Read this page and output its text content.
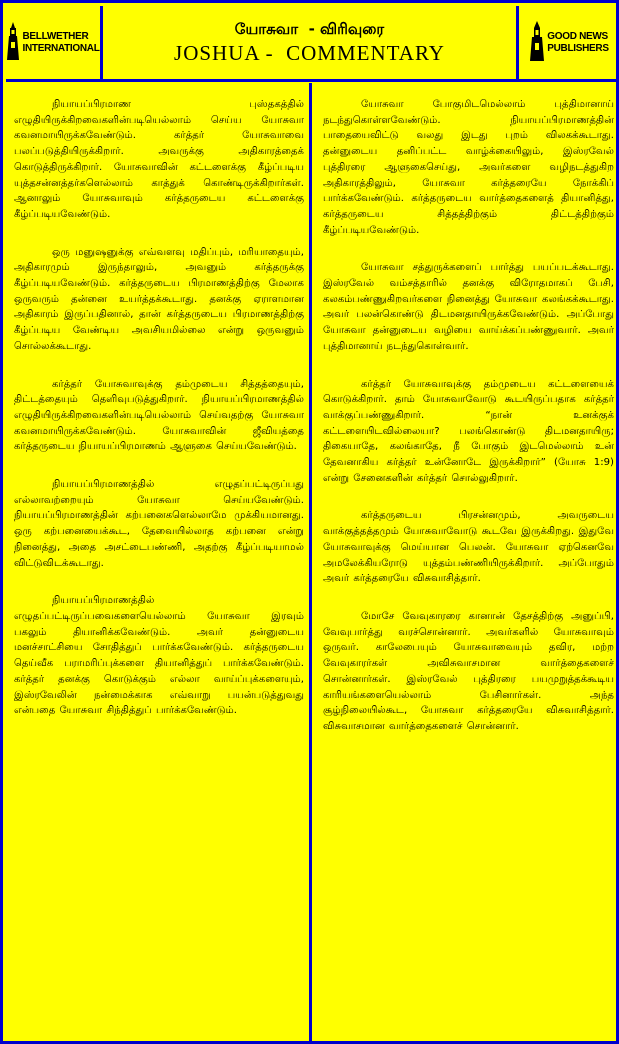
BELLWETHER
INTERNATIONAL
யோசுவா  - விரிவுரை
JOSHUA -  COMMENTARY
GOOD NEWS
PUBLISHERS

நியாயப்பிரமாண புஸ்தகத்தில் எழுதியிருக்கிறவைகளின்படியெல்லாம் செய்ய யோசுவா கவனமாயிருக்கவேண்டும். கர்த்தர் யோசுவாவை பலப்படுத்தியிருக்கிறார். அவருக்கு அதிகாரத்தைக் கொடுத்திருக்கிறார். யோசுவாவின் கட்டளைக்கு கீழ்ப்படிய யுத்தசன்னத்தர்களெல்லாம் காத்துக் கொண்டிருக்கிறார்கள். ஆனாலும் யோசுவாவும் கர்த்தருடைய கட்டளைக்கு கீழ்ப்படியவேண்டும்.

ஒரு மனுஷனுக்கு எவ்வளவு மதிப்பும், மரியாதையும், அதிகாரமும் இருந்தாலும், அவனும் கர்த்தருக்கு கீழ்ப்படியவேண்டும். கர்த்தருடைய பிரமாணத்திற்கு மேலாக ஒருவரும் தன்னை உயர்த்தக்கூடாது. தனக்கு ஏராளமான அதிகாரம் இருப்பதினால், தான் கர்த்தருடைய பிரமாணத்திற்கு கீழ்ப்படிய வேண்டிய அவசியமில்லை என்று ஒருவனும் சொல்லக்கூடாது.

கர்த்தர் யோசுவாவுக்கு தம்முடைய சித்தத்தையும், திட்டத்தையும் தெளிவுபடுத்துகிறார். நியாயப்பிரமாணத்தில் எழுதியிருக்கிறவைகளின்படியெல்லாம் செய்வதற்கு யோசுவா கவனமாயிருக்கவேண்டும். யோசுவாவின் ஜீவியத்தை கர்த்தருடைய நியாயப்பிரமாணம் ஆளுகை செய்யவேண்டும்.

நியாயப்பிரமாணத்தில் எழுதப்பட்டிருப்பது எல்லாவற்றையும் யோசுவா செய்யவேண்டும். நியாயப்பிரமாணத்தின் கற்பனைகளெல்லாமே முக்கியமானது. ஒரு கற்பனையைக்கூட, தேவையில்லாத கற்பனை என்று நினைத்து, அதை அசட்டைபண்ணி, அதற்கு கீழ்ப்படியாமல் விட்டுவிடக்கூடாது.

நியாயப்பிரமாணத்தில் எழுதப்பட்டிருப்பவைகளையெல்லாம் யோசுவா இரவும் பகலும் தியானிக்கவேண்டும். அவர் தன்னுடைய மனச்சாட்சியை சோதித்துப் பார்க்கவேண்டும். கர்த்தருடைய தெய்வீக பராமரிப்புக்களை தியானித்துப் பார்க்கவேண்டும். கர்த்தர் தனக்கு கொடுக்கும் எல்லா வாய்ப்புக்களையும், இஸ்ரவேலின் நன்மைக்காக எவ்வாறு பயன்படுத்துவது என்பதை யோசுவா சிந்தித்துப் பார்க்கவேண்டும்.

யோசுவா போகுமிடமெல்லாம் புத்திமானாய் நடந்துகொள்ளவேண்டும். நியாயப்பிரமாணத்தின் பாதையைவிட்டு வலது இடது புறம் விலகக்கூடாது. தன்னுடைய தனிப்பட்ட வாழ்க்கையிலும், இஸ்ரவேல் புத்திரரை ஆளுகைசெய்து, அவர்களை வழிநடத்துகிற அதிகாரத்திலும், யோசுவா கர்த்தரையே நோக்கிப் பார்க்கவேண்டும். கர்த்தருடைய வார்த்தைகளைத் தியானித்து, கர்த்தருடைய சித்தத்திற்கும் திட்டத்திற்கும் கீழ்ப்படியவேண்டும்.

யோசுவா சத்துருக்களைப் பார்த்து பயப்படக்கூடாது. இஸ்ரவேல் வம்சத்தாரில் தனக்கு விரோதமாகப் பேசி, கலகம்பண்ணுகிறவர்களை நினைத்து யோசுவா கலங்கக்கூடாது. அவர் பலன்கொண்டு திடமனதாயிருக்கவேண்டும். அப்போது யோசுவா தன்னுடைய வழியை வாய்க்கப்பண்ணுவார். அவர் புத்திமானாய் நடந்துகொள்வார்.

கர்த்தர் யோசுவாவுக்கு தம்முடைய கட்டளையைக் கொடுக்கிறார். தாம் யோசுவாவோடு கூடயிருப்பதாக கர்த்தர் வாக்குப்பண்ணுகிறார். “நான் உனக்குக் கட்டளையிடவில்லையா? பலங்கொண்டு திடமனதாயிரு; திகையாதே, கலங்காதே, நீ போகும் இடமெல்லாம் உன் தேவனாகிய கர்த்தர் உன்னோடே இருக்கிறார்” (யோசு 1:9) என்று சேனைகளின் கர்த்தர் சொல்லுகிறார்.

கர்த்தருடைய பிரசன்னமும், அவருடைய வாக்குத்தத்தமும் யோசுவாவோடு கூடவே இருக்கிறது. இதுவே யோசுவாவுக்கு மெய்யான பெலன். யோசுவா ஏற்கெனவே அமலேக்கியரோடு யுத்தம்பண்ணியிருக்கிறார். அப்போதும் அவர் கர்த்தரையே விசுவாசித்தார்.

மோசே வேவுகாரரை கானான் தேசத்திற்கு அனுப்பி, வேவுபார்த்து வரச்சொன்னார். அவர்களில் யோசுவாவும் ஒருவர். காலேபையும் யோசுவாவையும் தவிர, மற்ற வேவுகாரர்கள் அவிசுவாசமான வார்த்தைகளைச் சொன்னார்கள். இஸ்ரவேல் புத்திரரை பயமுறுத்தக்கூடிய காரியங்களையெல்லாம் பேசினார்கள். அந்த சூழ்நிலையில்கூட, யோசுவா கர்த்தரையே விசுவாசித்தார். விசுவாசமான வார்த்தைகளைச் சொன்னார்.
